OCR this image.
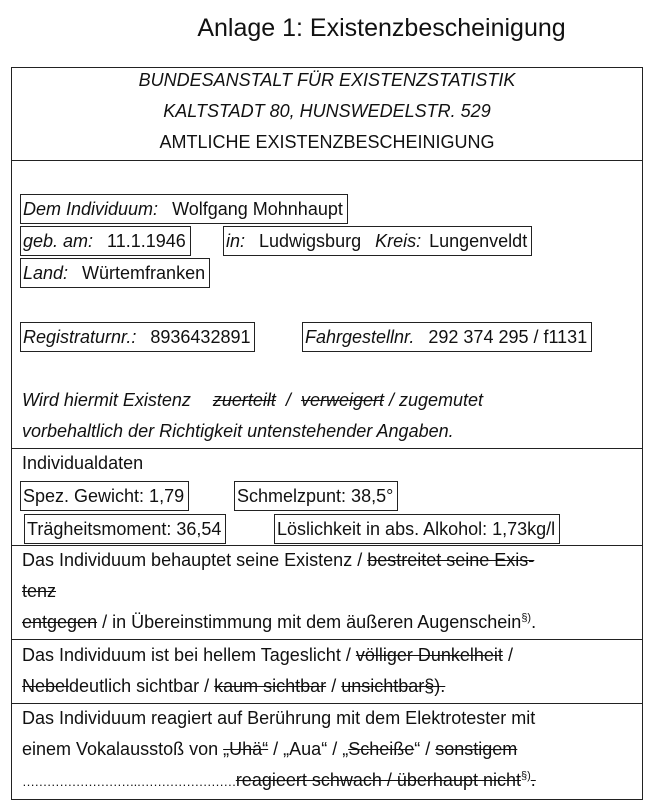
Anlage 1: Existenzbescheinigung
BUNDESANSTALT FÜR EXISTENZSTATISTIK
KALTSTADT 80, HUNSWEDELSTR. 529
AMTLICHE EXISTENZBESCHEINIGUNG
Dem Individuum: Wolfgang Mohnhaupt
geb. am: 11.1.1946 in: Ludwigsburg Kreis: Lungenveldt
Land: Würtemfranken
Registraturnr.: 8936432891	Fahrgestellnr. 292 374 295 / f1131
Wird hiermit Existenz zuerteilt / verweigert / zugemutet
vorbehaltlich der Richtigkeit untenstehender Angaben.
Individualdaten
Spez. Gewicht: 1,79	Schmelzpunt: 38,5°
Trägheitsmoment: 36,54	Löslichkeit in abs. Alkohol: 1,73kg/l
Das Individuum behauptet seine Existenz / bestreitet seine Exis-
tenz
entgegen / in Übereinstimmung mit dem äußeren Augenschein§).
Das Individuum ist bei hellem Tageslicht / völliger Dunkelheit /
Nebeldeutlich sichtbar / kaum sichtbar / unsichtbar§).
Das Individuum reagiert auf Berührung mit dem Elektrotester mit
einem Vokalausstoß von „Uhä“ / „Aua“ / „Scheiße“ / sonstigem
……………………….……………………reagieert schwach / überhaupt nicht§).
